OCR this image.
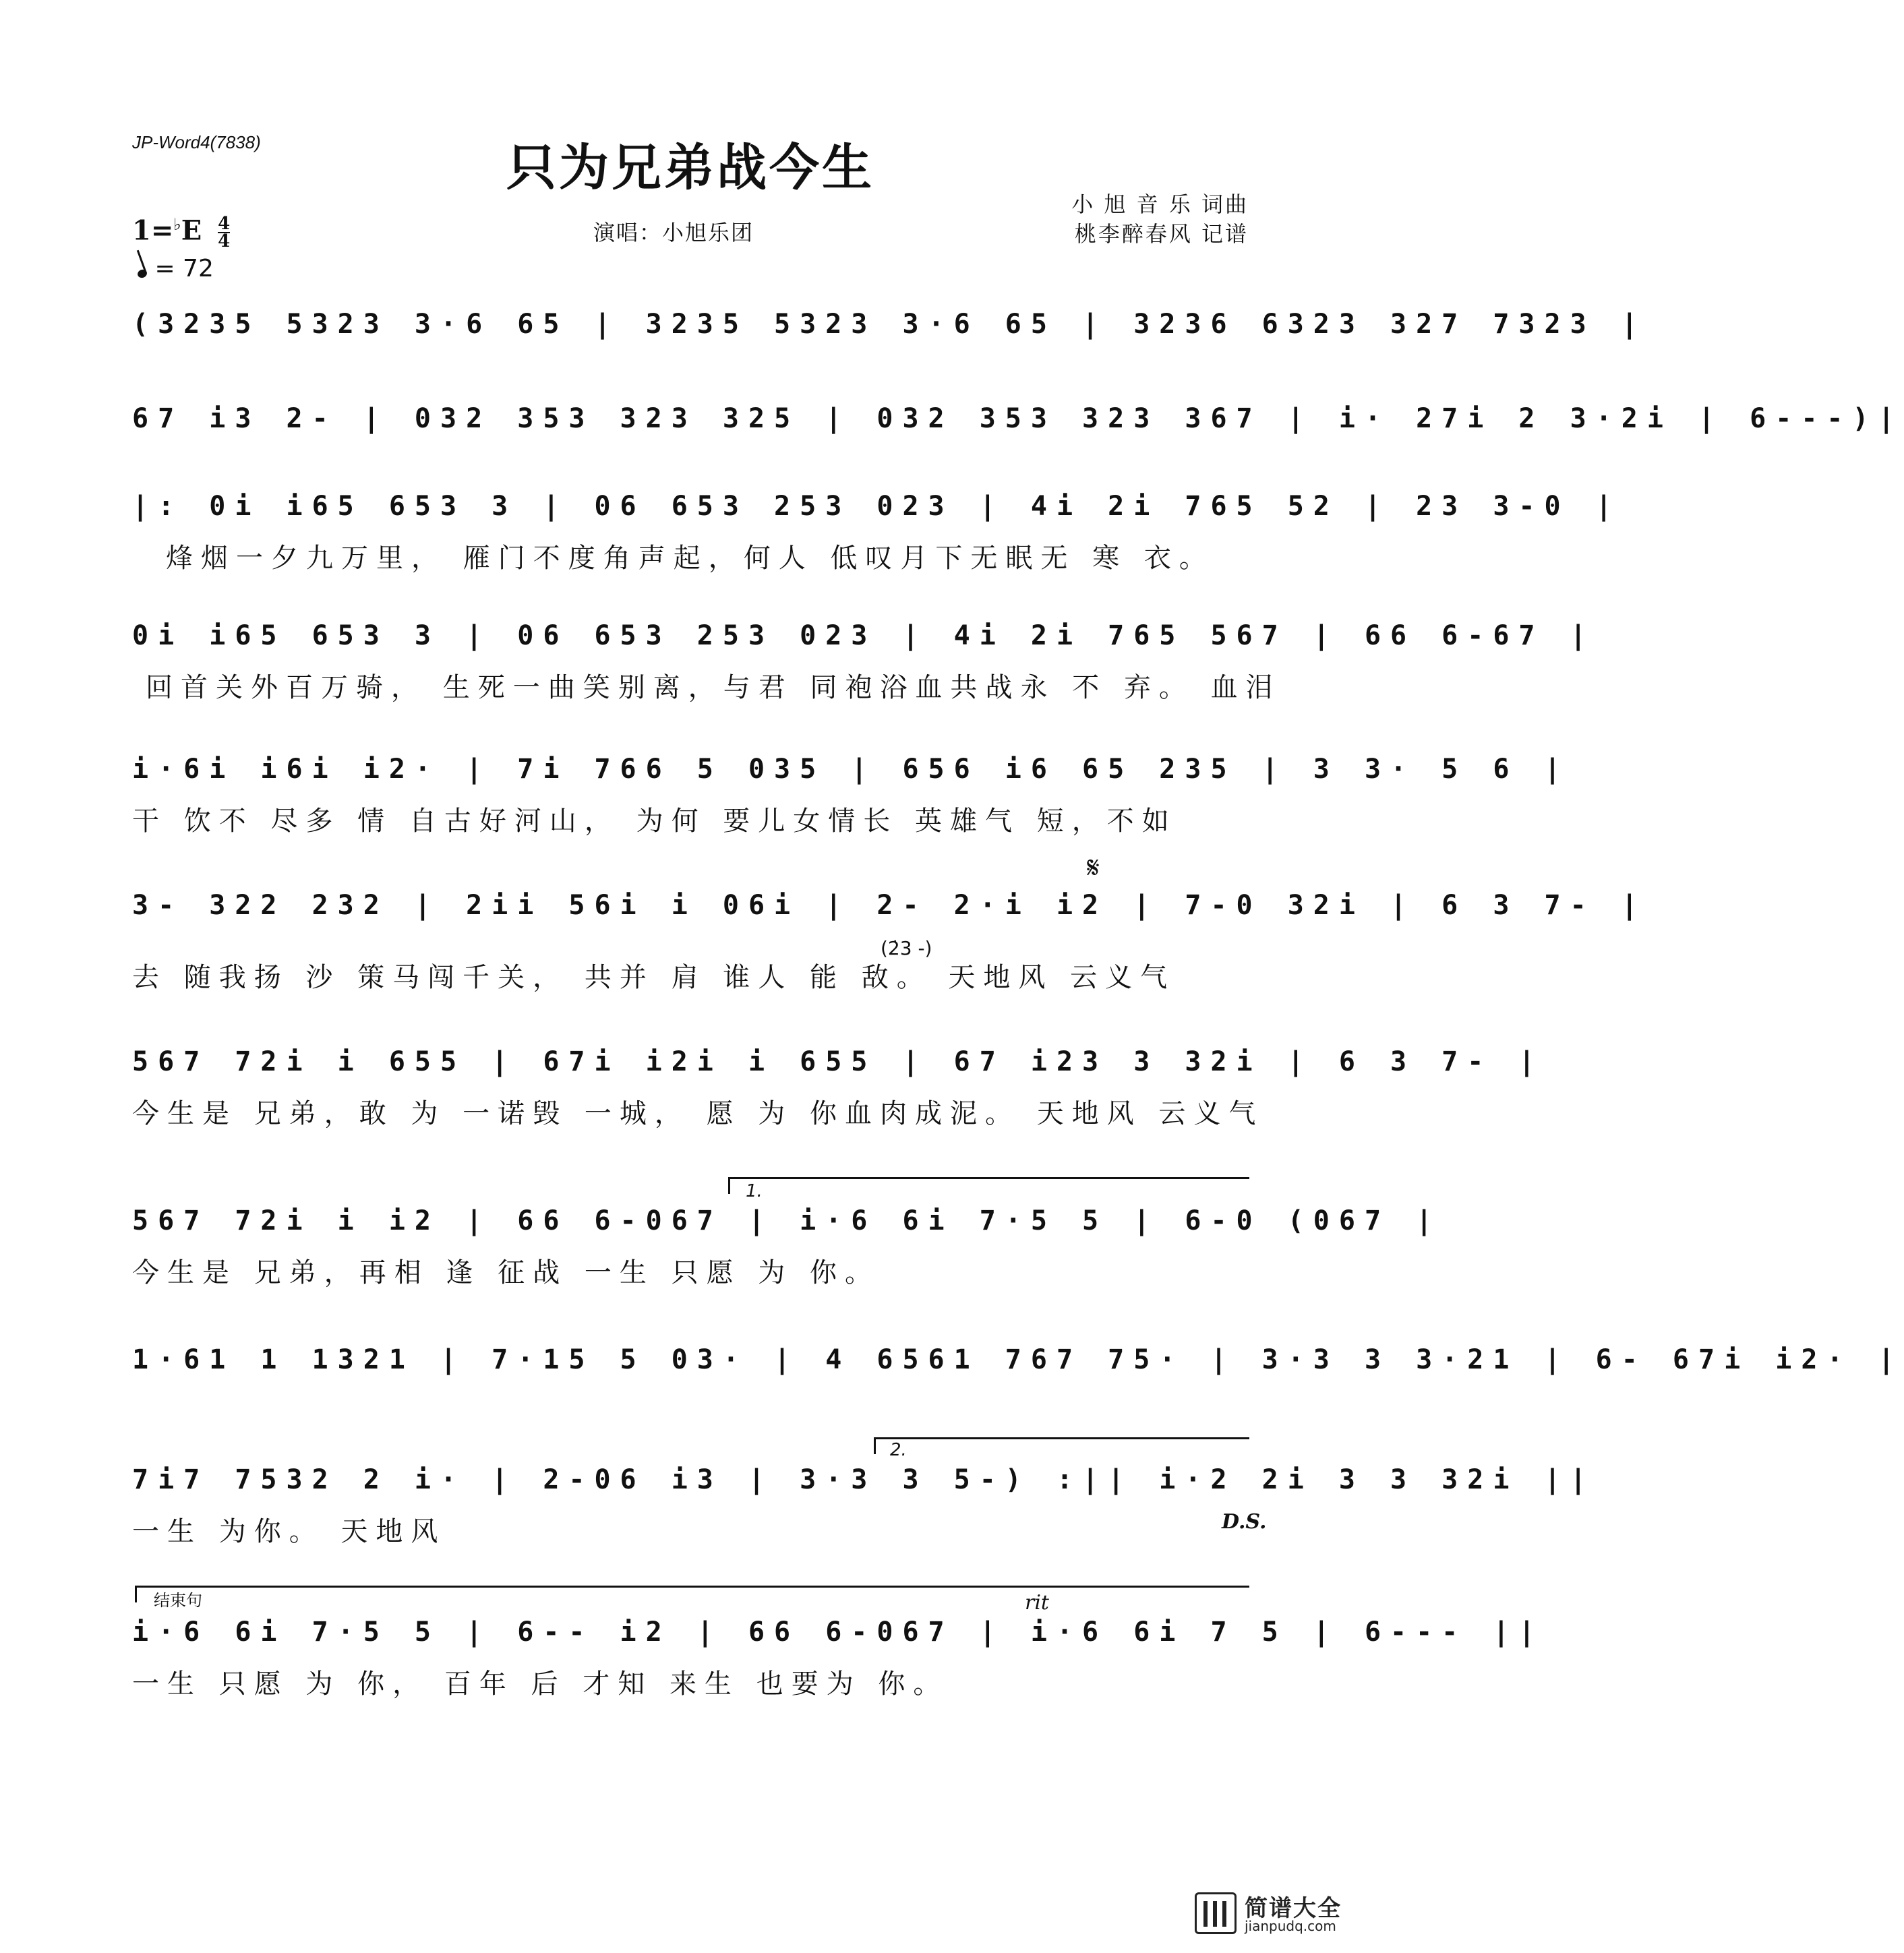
JP-Word4(7838)	只为兄弟战今生
小 旭 音 乐 词曲
桃李醉春风 记谱
演唱：小旭乐团
$1=^♭E \frac{4}{4}$
= 72
(3235 5323 3·6 65 | 3235 5323 3·6 65 | 3236 6323 327 7323 |
67 i3 2- | 032 353 323 325 | 032 353 323 367 | i· 27i 2 3·2i | 6---)|
|: 0i i65 653 3 | 06 653 253 023 | 4i 2i 765 52 | 23 3-0 |
烽烟一夕九万里， 雁门不度角声起，何人 低叹月下无眠无 寒 衣。
0i i65 653 3 | 06 653 253 023 | 4i 2i 765 567 | 66 6-67 |
回首关外百万骑， 生死一曲笑别离，与君 同袍浴血共战永 不 弃。 血泪
i·6i i6i i2· | 7i 766 5 035 | 656 i6 65 235 | 3 3· 5 6 |
干 饮不 尽多 情 自古好河山， 为何 要儿女情长 英雄气 短，不如
𝄋
3- 322 232 | 2ii 56i i 06i | 2- 2·i i2 | 7-0 32i | 6 3 7- |
(2̇3 -)
去 随我扬 沙 策马闯千关， 共并 肩 谁人 能 敌。 天地风 云义气
567 72i i 655 | 67i i2i i 655 | 67 i23 3 32i | 6 3 7- |
今生是 兄弟，敢 为 一诺毁 一城， 愿 为 你血肉成泥。 天地风 云义气
1.
567 72i i i2 | 66 6-067 | i·6 6i 7·5 5 | 6-0 (067 |
今生是 兄弟，再相 逢 征战 一生 只愿 为 你。
1·61 1 1321 | 7·15 5 03· | 4 6561 767 75· | 3·3 3 3·21 | 6- 67i i2· |
2.
7i7 7532 2 i· | 2-06 i3 | 3·3 3 5-) :|| i·2 2i 3 3 32i ||
一生 为你。 天地风	D.S.
结束句	rit
i·6 6i 7·5 5 | 6-- i2 | 66 6-067 | i·6 6i 7 5 | 6--- ||
一生 只愿 为 你， 百年 后 才知 来生 也要为 你。
简谱大全
jianpudq.com
